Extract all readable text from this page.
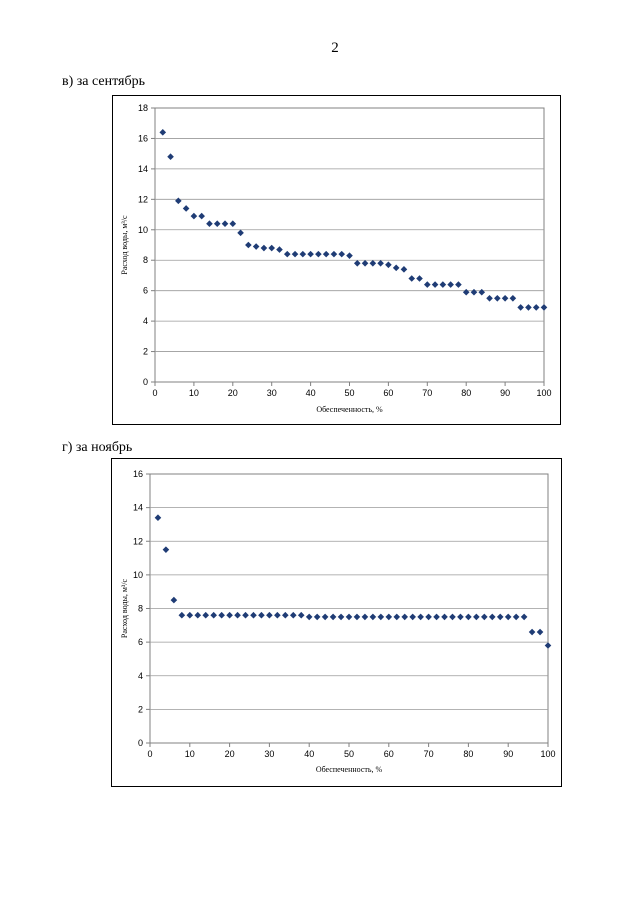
2
в) за сентябрь
0
2
4
6
8
10
12
14
16
18
0	10	20	30	40	50	60	70	80	90	100
Обеспеченность, %
Расход воды, м³/с
г) за ноябрь
0
2
4
6
8
10
12
14
16
0	10	20	30	40	50	60	70	80	90	100
Обеспеченность, %
Расход воды, м³/с
